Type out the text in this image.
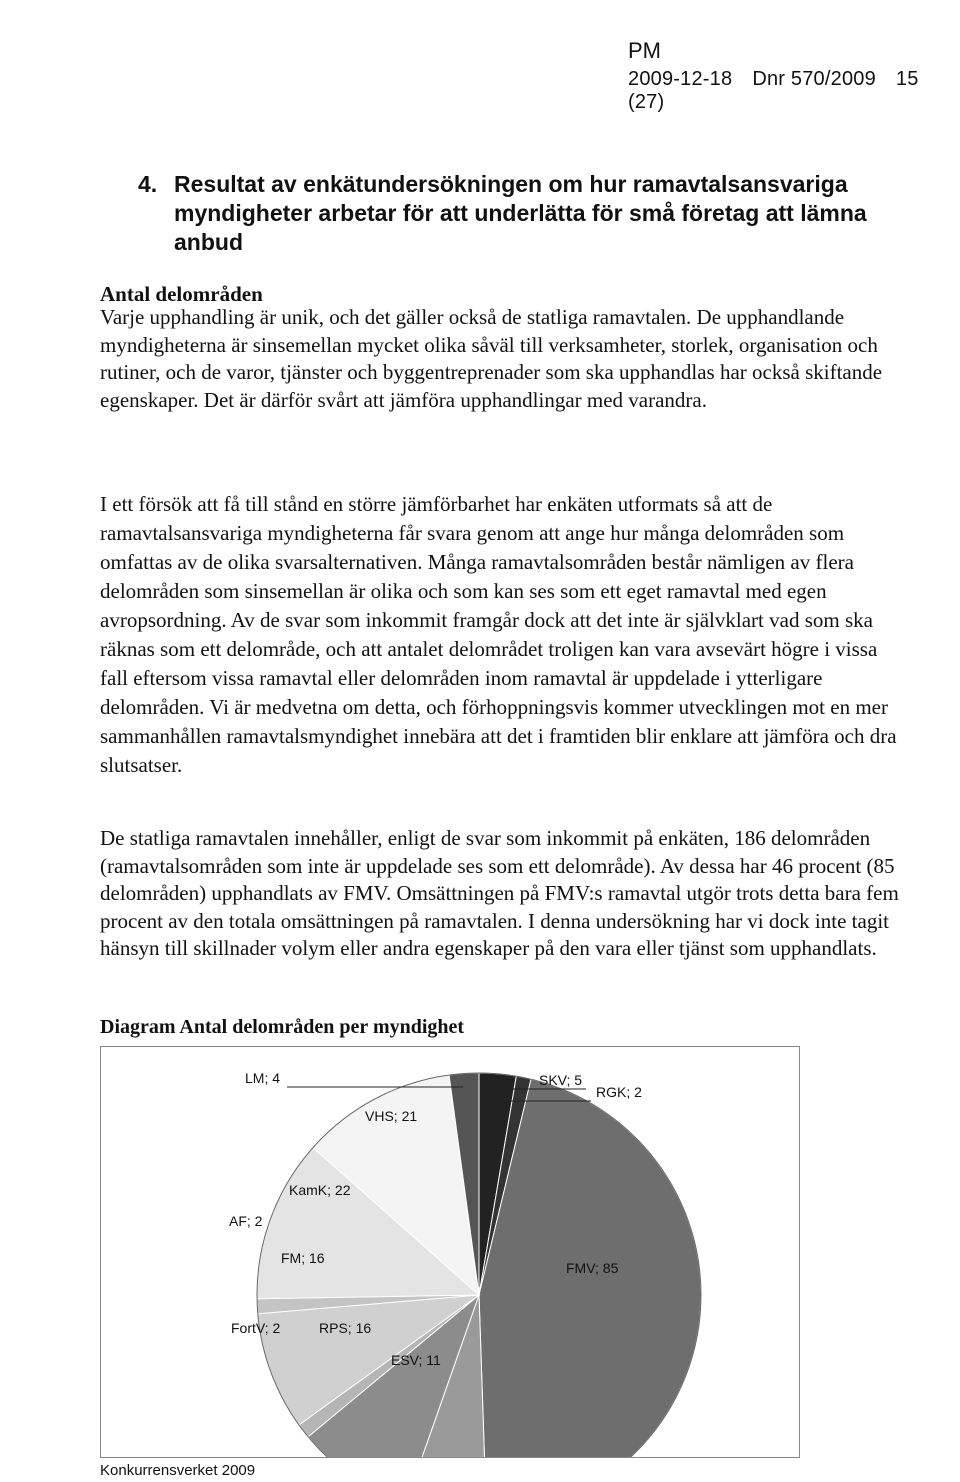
PM
2009-12-18 Dnr 570/2009 15 (27)
4. Resultat av enkätundersökningen om hur ramavtalsansvariga myndigheter arbetar för att underlätta för små företag att lämna anbud
Antal delområden

Varje upphandling är unik, och det gäller också de statliga ramavtalen. De upphandlande myndigheterna är sinsemellan mycket olika såväl till verksamheter, storlek, organisation och rutiner, och de varor, tjänster och byggentreprenader som ska upphandlas har också skiftande egenskaper. Det är därför svårt att jämföra upphandlingar med varandra.

I ett försök att få till stånd en större jämförbarhet har enkäten utformats så att de ramavtalsansvariga myndigheterna får svara genom att ange hur många delområden som omfattas av de olika svarsalternativen. Många ramavtalsområden består nämligen av flera delområden som sinsemellan är olika och som kan ses som ett eget ramavtal med egen avropsordning. Av de svar som inkommit framgår dock att det inte är självklart vad som ska räknas som ett delområde, och att antalet delområdet troligen kan vara avsevärt högre i vissa fall eftersom vissa ramavtal eller delområden inom ramavtal är uppdelade i ytterligare delområden. Vi är medvetna om detta, och förhoppningsvis kommer utvecklingen mot en mer sammanhållen ramavtalsmyndighet innebära att det i framtiden blir enklare att jämföra och dra slutsatser.

De statliga ramavtalen innehåller, enligt de svar som inkommit på enkäten, 186 delområden (ramavtalsområden som inte är uppdelade ses som ett delområde). Av dessa har 46 procent (85 delområden) upphandlats av FMV. Omsättningen på FMV:s ramavtal utgör trots detta bara fem procent av den totala omsättningen på ramavtalen. I denna undersökning har vi dock inte tagit hänsyn till skillnader volym eller andra egenskaper på den vara eller tjänst som upphandlats.

Diagram Antal delområden per myndighet
SKV; 5
RGK; 2
FMV; 85
ESV; 11
RPS; 16
FortV; 2
FM; 16
AF; 2
KamK; 22
VHS; 21
LM; 4
Konkurrensverket 2009
